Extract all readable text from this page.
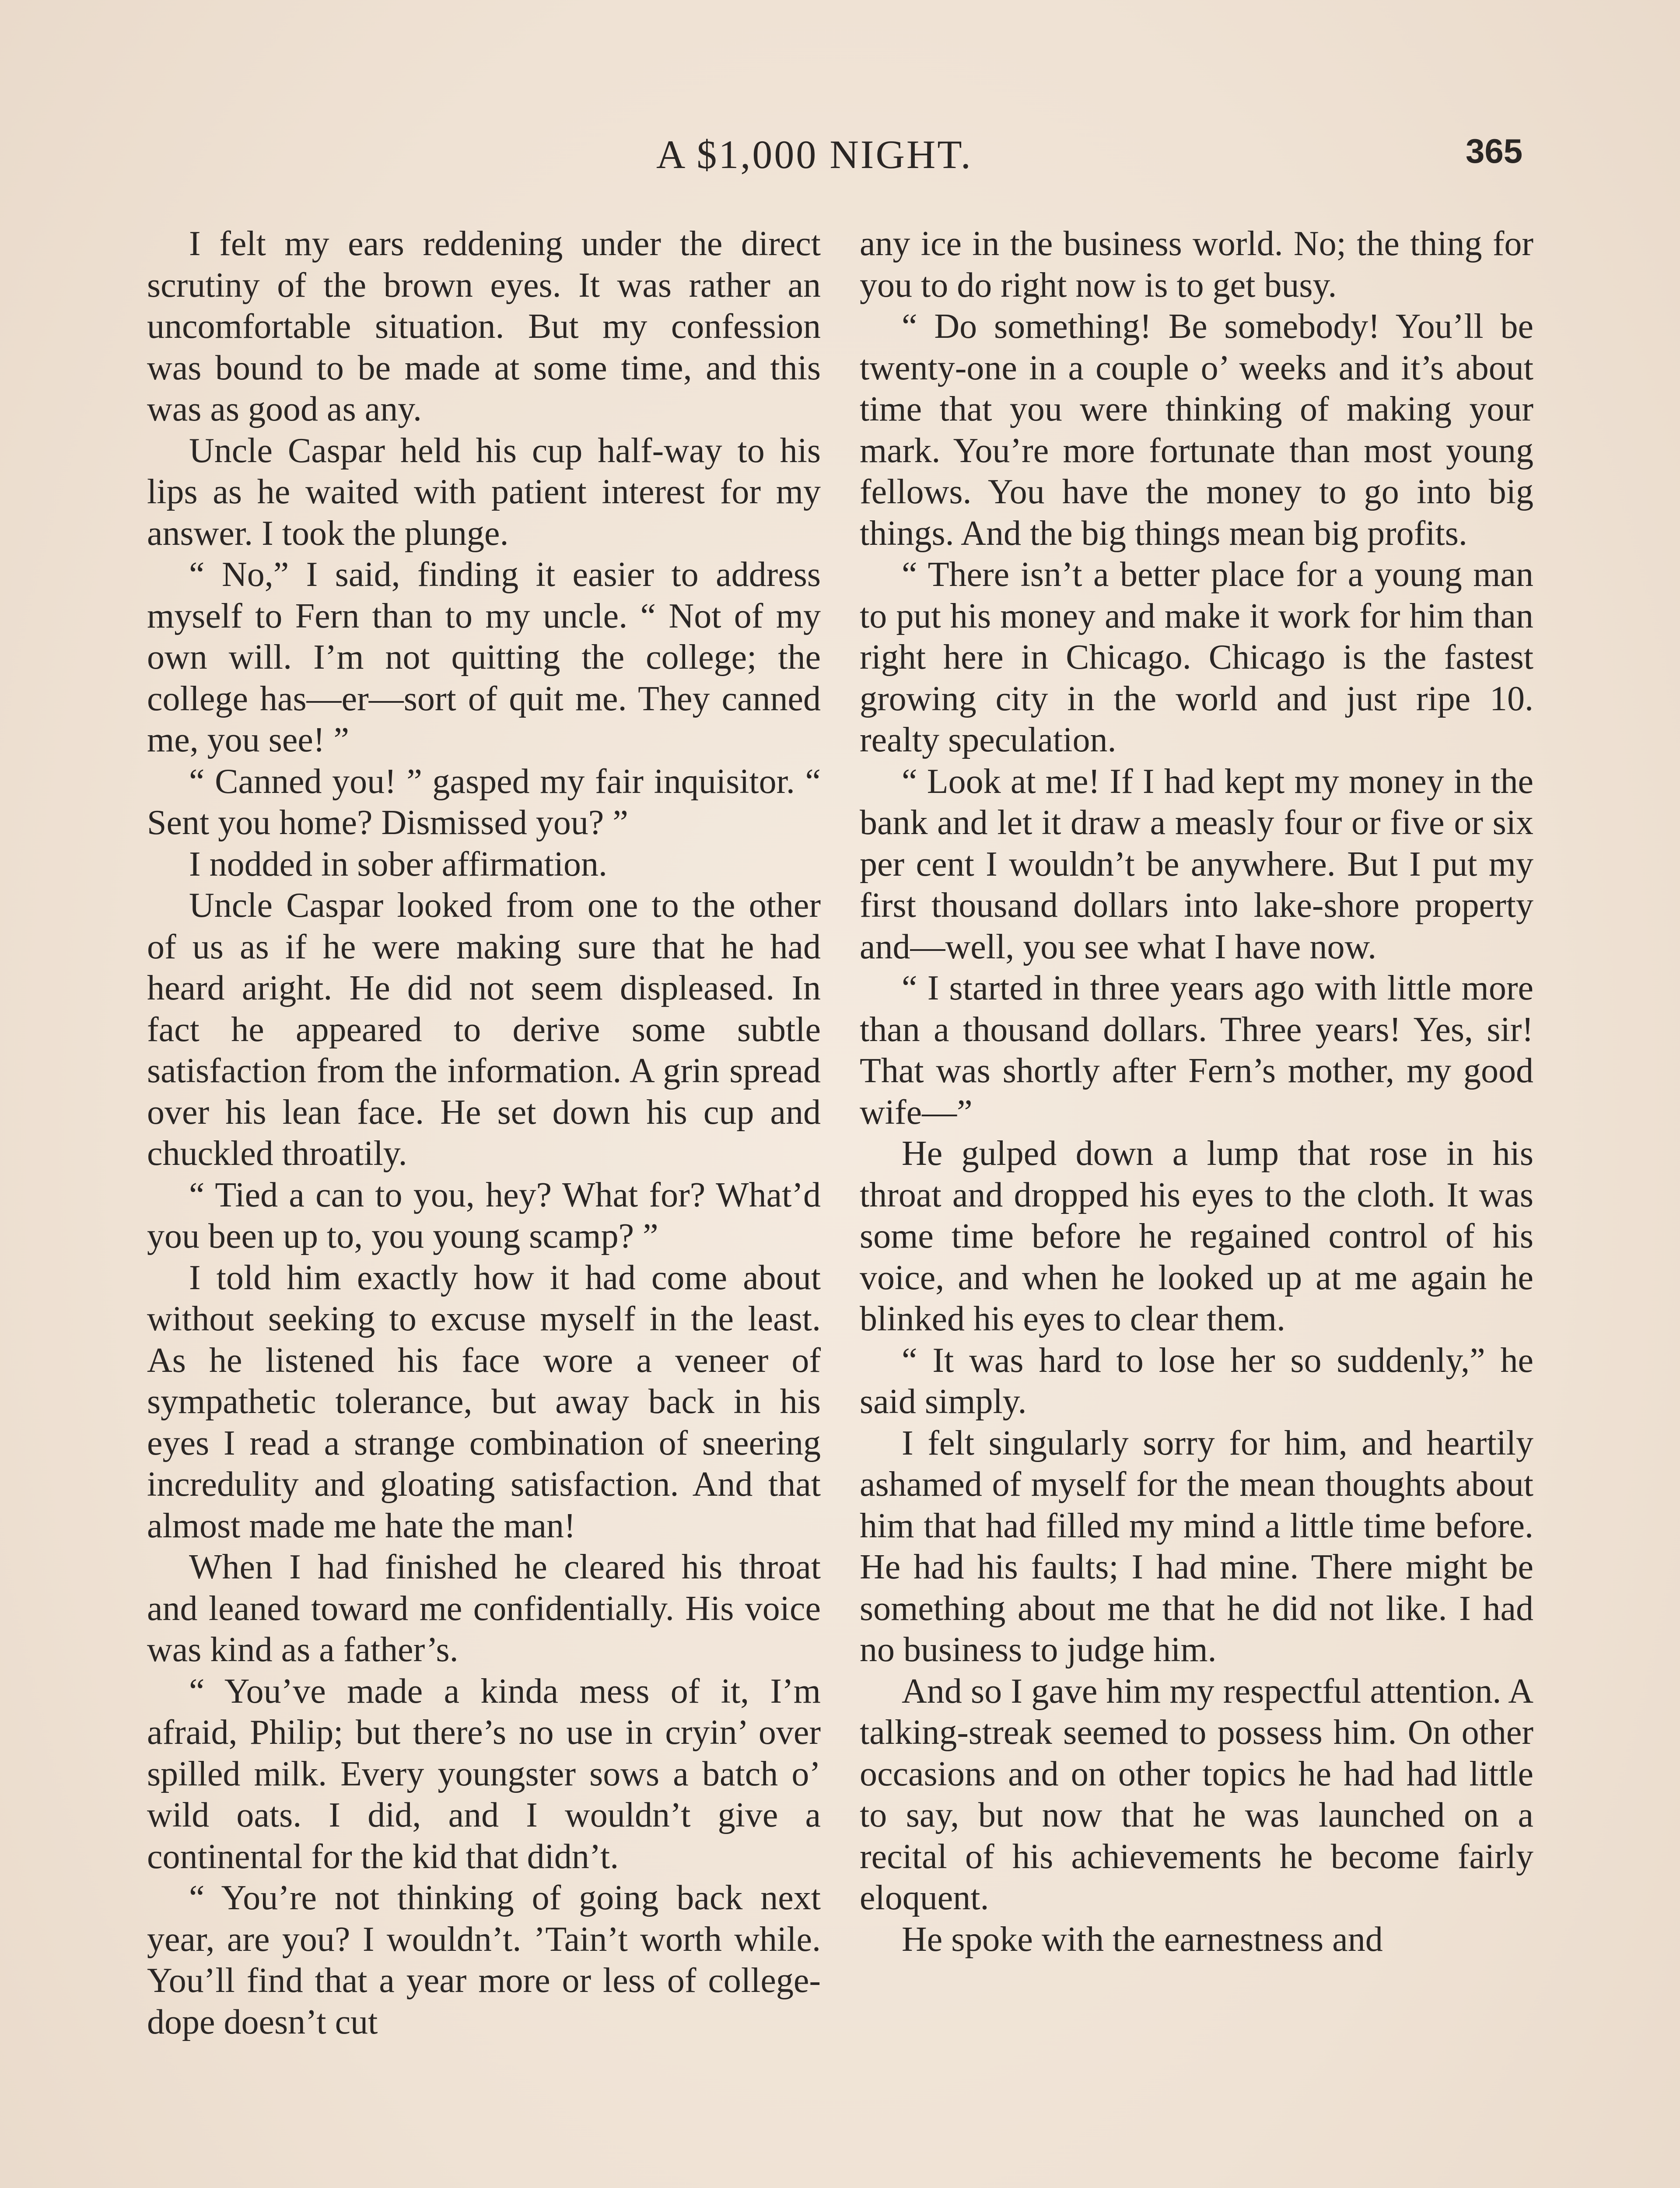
A $1,000 NIGHT.	365

I felt my ears reddening under the direct scrutiny of the brown eyes. It was rather an uncomfortable situation. But my confession was bound to be made at some time, and this was as good as any.

Uncle Caspar held his cup half-way to his lips as he waited with patient interest for my answer. I took the plunge.

“ No,” I said, finding it easier to address myself to Fern than to my uncle. “ Not of my own will. I’m not quitting the college; the college has—er—sort of quit me. They canned me, you see! ”

“ Canned you! ” gasped my fair inquisitor. “ Sent you home? Dismissed you? ”

I nodded in sober affirmation.

Uncle Caspar looked from one to the other of us as if he were making sure that he had heard aright. He did not seem displeased. In fact he appeared to derive some subtle satisfaction from the information. A grin spread over his lean face. He set down his cup and chuckled throatily.

“ Tied a can to you, hey? What for? What’d you been up to, you young scamp? ”

I told him exactly how it had come about without seeking to excuse myself in the least. As he listened his face wore a veneer of sympathetic tolerance, but away back in his eyes I read a strange combination of sneering incredulity and gloating satisfaction. And that almost made me hate the man!

When I had finished he cleared his throat and leaned toward me confidentially. His voice was kind as a father’s.

“ You’ve made a kinda mess of it, I’m afraid, Philip; but there’s no use in cryin’ over spilled milk. Every youngster sows a batch o’ wild oats. I did, and I wouldn’t give a continental for the kid that didn’t.

“ You’re not thinking of going back next year, are you? I wouldn’t. ’Tain’t worth while. You’ll find that a year more or less of college-dope doesn’t cut

any ice in the business world. No; the thing for you to do right now is to get busy.

“ Do something! Be somebody! You’ll be twenty-one in a couple o’ weeks and it’s about time that you were thinking of making your mark. You’re more fortunate than most young fellows. You have the money to go into big things. And the big things mean big profits.

“ There isn’t a better place for a young man to put his money and make it work for him than right here in Chicago. Chicago is the fastest growing city in the world and just ripe 10. realty speculation.

“ Look at me! If I had kept my money in the bank and let it draw a measly four or five or six per cent I wouldn’t be anywhere. But I put my first thousand dollars into lake-shore property and—well, you see what I have now.

“ I started in three years ago with little more than a thousand dollars. Three years! Yes, sir! That was shortly after Fern’s mother, my good wife—”

He gulped down a lump that rose in his throat and dropped his eyes to the cloth. It was some time before he regained control of his voice, and when he looked up at me again he blinked his eyes to clear them.

“ It was hard to lose her so suddenly,” he said simply.

I felt singularly sorry for him, and heartily ashamed of myself for the mean thoughts about him that had filled my mind a little time before. He had his faults; I had mine. There might be something about me that he did not like. I had no business to judge him.

And so I gave him my respectful attention. A talking-streak seemed to possess him. On other occasions and on other topics he had had little to say, but now that he was launched on a recital of his achievements he become fairly eloquent.

He spoke with the earnestness and
